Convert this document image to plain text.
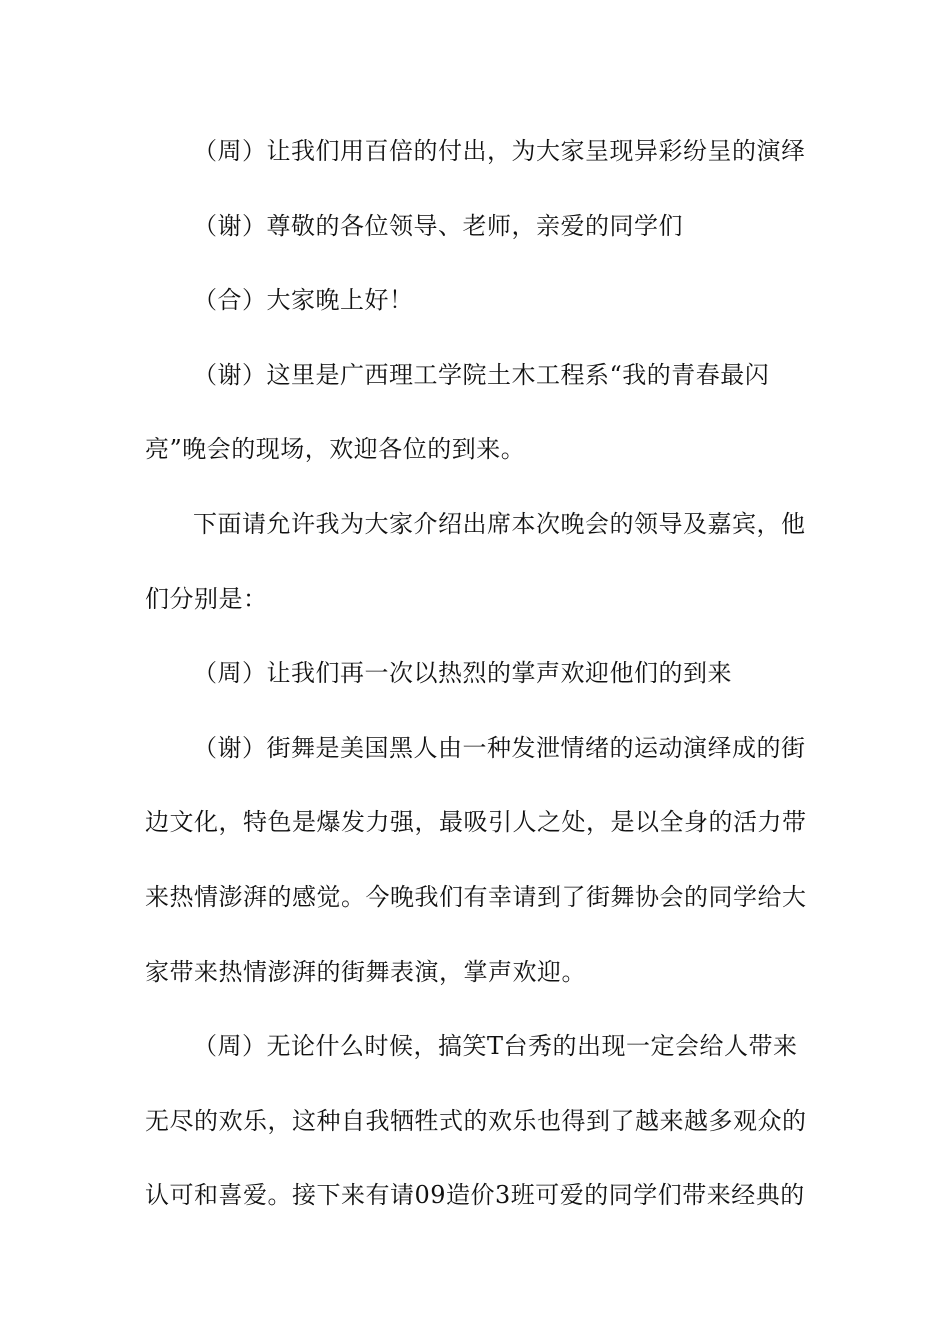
（周）让我们用百倍的付出，为大家呈现异彩纷呈的演绎
（谢）尊敬的各位领导、老师，亲爱的同学们
（合）大家晚上好！
（谢）这里是广西理工学院土木工程系“我的青春最闪
亮”晚会的现场，欢迎各位的到来。
下面请允许我为大家介绍出席本次晚会的领导及嘉宾，他
们分别是：
（周）让我们再一次以热烈的掌声欢迎他们的到来
（谢）街舞是美国黑人由一种发泄情绪的运动演绎成的街
边文化，特色是爆发力强，最吸引人之处，是以全身的活力带
来热情澎湃的感觉。今晚我们有幸请到了街舞协会的同学给大
家带来热情澎湃的街舞表演，掌声欢迎。
（周）无论什么时候，搞笑T台秀的出现一定会给人带来
无尽的欢乐，这种自我牺牲式的欢乐也得到了越来越多观众的
认可和喜爱。接下来有请09造价3班可爱的同学们带来经典的
